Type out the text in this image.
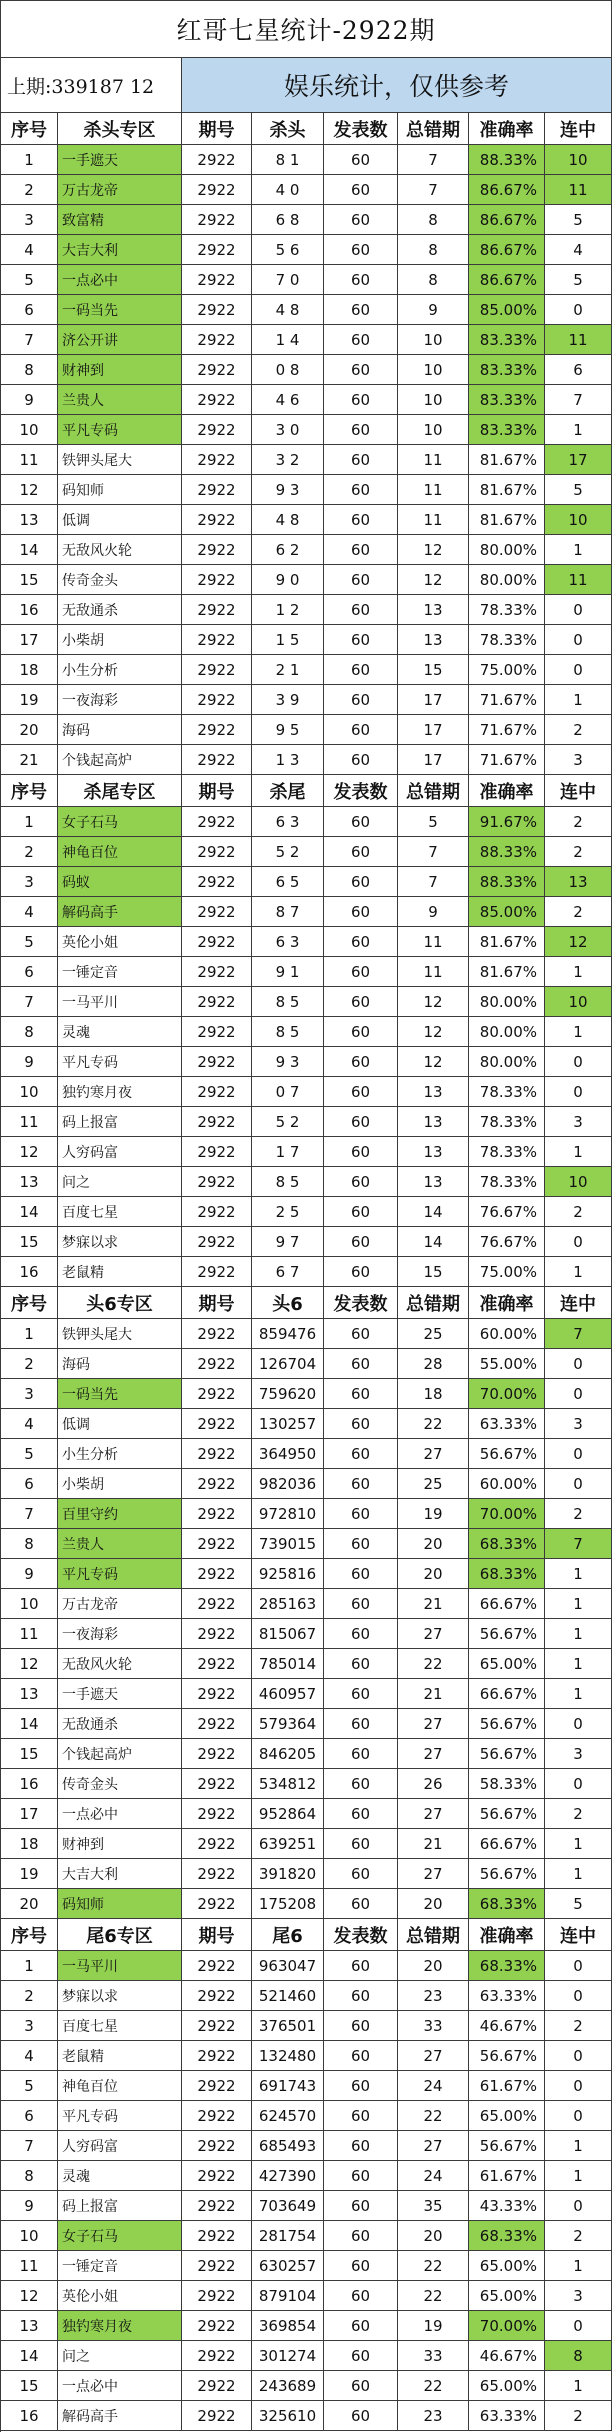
红哥七星统计-2922期
上期:339187 12	娱乐统计，仅供参考
序号	杀头专区	期号	杀头	发表数	总错期	准确率	连中
1	一手遮天	2922	8 1	60	7	88.33%	10
2	万古龙帝	2922	4 0	60	7	86.67%	11
3	致富精	2922	6 8	60	8	86.67%	5
4	大吉大利	2922	5 6	60	8	86.67%	4
5	一点必中	2922	7 0	60	8	86.67%	5
6	一码当先	2922	4 8	60	9	85.00%	0
7	济公开讲	2922	1 4	60	10	83.33%	11
8	财神到	2922	0 8	60	10	83.33%	6
9	兰贵人	2922	4 6	60	10	83.33%	7
10	平凡专码	2922	3 0	60	10	83.33%	1
11	铁钾头尾大	2922	3 2	60	11	81.67%	17
12	码知师	2922	9 3	60	11	81.67%	5
13	低调	2922	4 8	60	11	81.67%	10
14	无敌风火轮	2922	6 2	60	12	80.00%	1
15	传奇金头	2922	9 0	60	12	80.00%	11
16	无敌通杀	2922	1 2	60	13	78.33%	0
17	小柴胡	2922	1 5	60	13	78.33%	0
18	小生分析	2922	2 1	60	15	75.00%	0
19	一夜海彩	2922	3 9	60	17	71.67%	1
20	海码	2922	9 5	60	17	71.67%	2
21	个钱起高炉	2922	1 3	60	17	71.67%	3
序号	杀尾专区	期号	杀尾	发表数	总错期	准确率	连中
1	女子石马	2922	6 3	60	5	91.67%	2
2	神龟百位	2922	5 2	60	7	88.33%	2
3	码蚁	2922	6 5	60	7	88.33%	13
4	解码高手	2922	8 7	60	9	85.00%	2
5	英伦小姐	2922	6 3	60	11	81.67%	12
6	一锤定音	2922	9 1	60	11	81.67%	1
7	一马平川	2922	8 5	60	12	80.00%	10
8	灵魂	2922	8 5	60	12	80.00%	1
9	平凡专码	2922	9 3	60	12	80.00%	0
10	独钓寒月夜	2922	0 7	60	13	78.33%	0
11	码上报富	2922	5 2	60	13	78.33%	3
12	人穷码富	2922	1 7	60	13	78.33%	1
13	问之	2922	8 5	60	13	78.33%	10
14	百度七星	2922	2 5	60	14	76.67%	2
15	梦寐以求	2922	9 7	60	14	76.67%	0
16	老鼠精	2922	6 7	60	15	75.00%	1
序号	头6专区	期号	头6	发表数	总错期	准确率	连中
1	铁钾头尾大	2922	859476	60	25	60.00%	7
2	海码	2922	126704	60	28	55.00%	0
3	一码当先	2922	759620	60	18	70.00%	0
4	低调	2922	130257	60	22	63.33%	3
5	小生分析	2922	364950	60	27	56.67%	0
6	小柴胡	2922	982036	60	25	60.00%	0
7	百里守约	2922	972810	60	19	70.00%	2
8	兰贵人	2922	739015	60	20	68.33%	7
9	平凡专码	2922	925816	60	20	68.33%	1
10	万古龙帝	2922	285163	60	21	66.67%	1
11	一夜海彩	2922	815067	60	27	56.67%	1
12	无敌风火轮	2922	785014	60	22	65.00%	1
13	一手遮天	2922	460957	60	21	66.67%	1
14	无敌通杀	2922	579364	60	27	56.67%	0
15	个钱起高炉	2922	846205	60	27	56.67%	3
16	传奇金头	2922	534812	60	26	58.33%	0
17	一点必中	2922	952864	60	27	56.67%	2
18	财神到	2922	639251	60	21	66.67%	1
19	大吉大利	2922	391820	60	27	56.67%	1
20	码知师	2922	175208	60	20	68.33%	5
序号	尾6专区	期号	尾6	发表数	总错期	准确率	连中
1	一马平川	2922	963047	60	20	68.33%	0
2	梦寐以求	2922	521460	60	23	63.33%	0
3	百度七星	2922	376501	60	33	46.67%	2
4	老鼠精	2922	132480	60	27	56.67%	0
5	神龟百位	2922	691743	60	24	61.67%	0
6	平凡专码	2922	624570	60	22	65.00%	0
7	人穷码富	2922	685493	60	27	56.67%	1
8	灵魂	2922	427390	60	24	61.67%	1
9	码上报富	2922	703649	60	35	43.33%	0
10	女子石马	2922	281754	60	20	68.33%	2
11	一锤定音	2922	630257	60	22	65.00%	1
12	英伦小姐	2922	879104	60	22	65.00%	3
13	独钓寒月夜	2922	369854	60	19	70.00%	0
14	问之	2922	301274	60	33	46.67%	8
15	一点必中	2922	243689	60	22	65.00%	1
16	解码高手	2922	325610	60	23	63.33%	2
